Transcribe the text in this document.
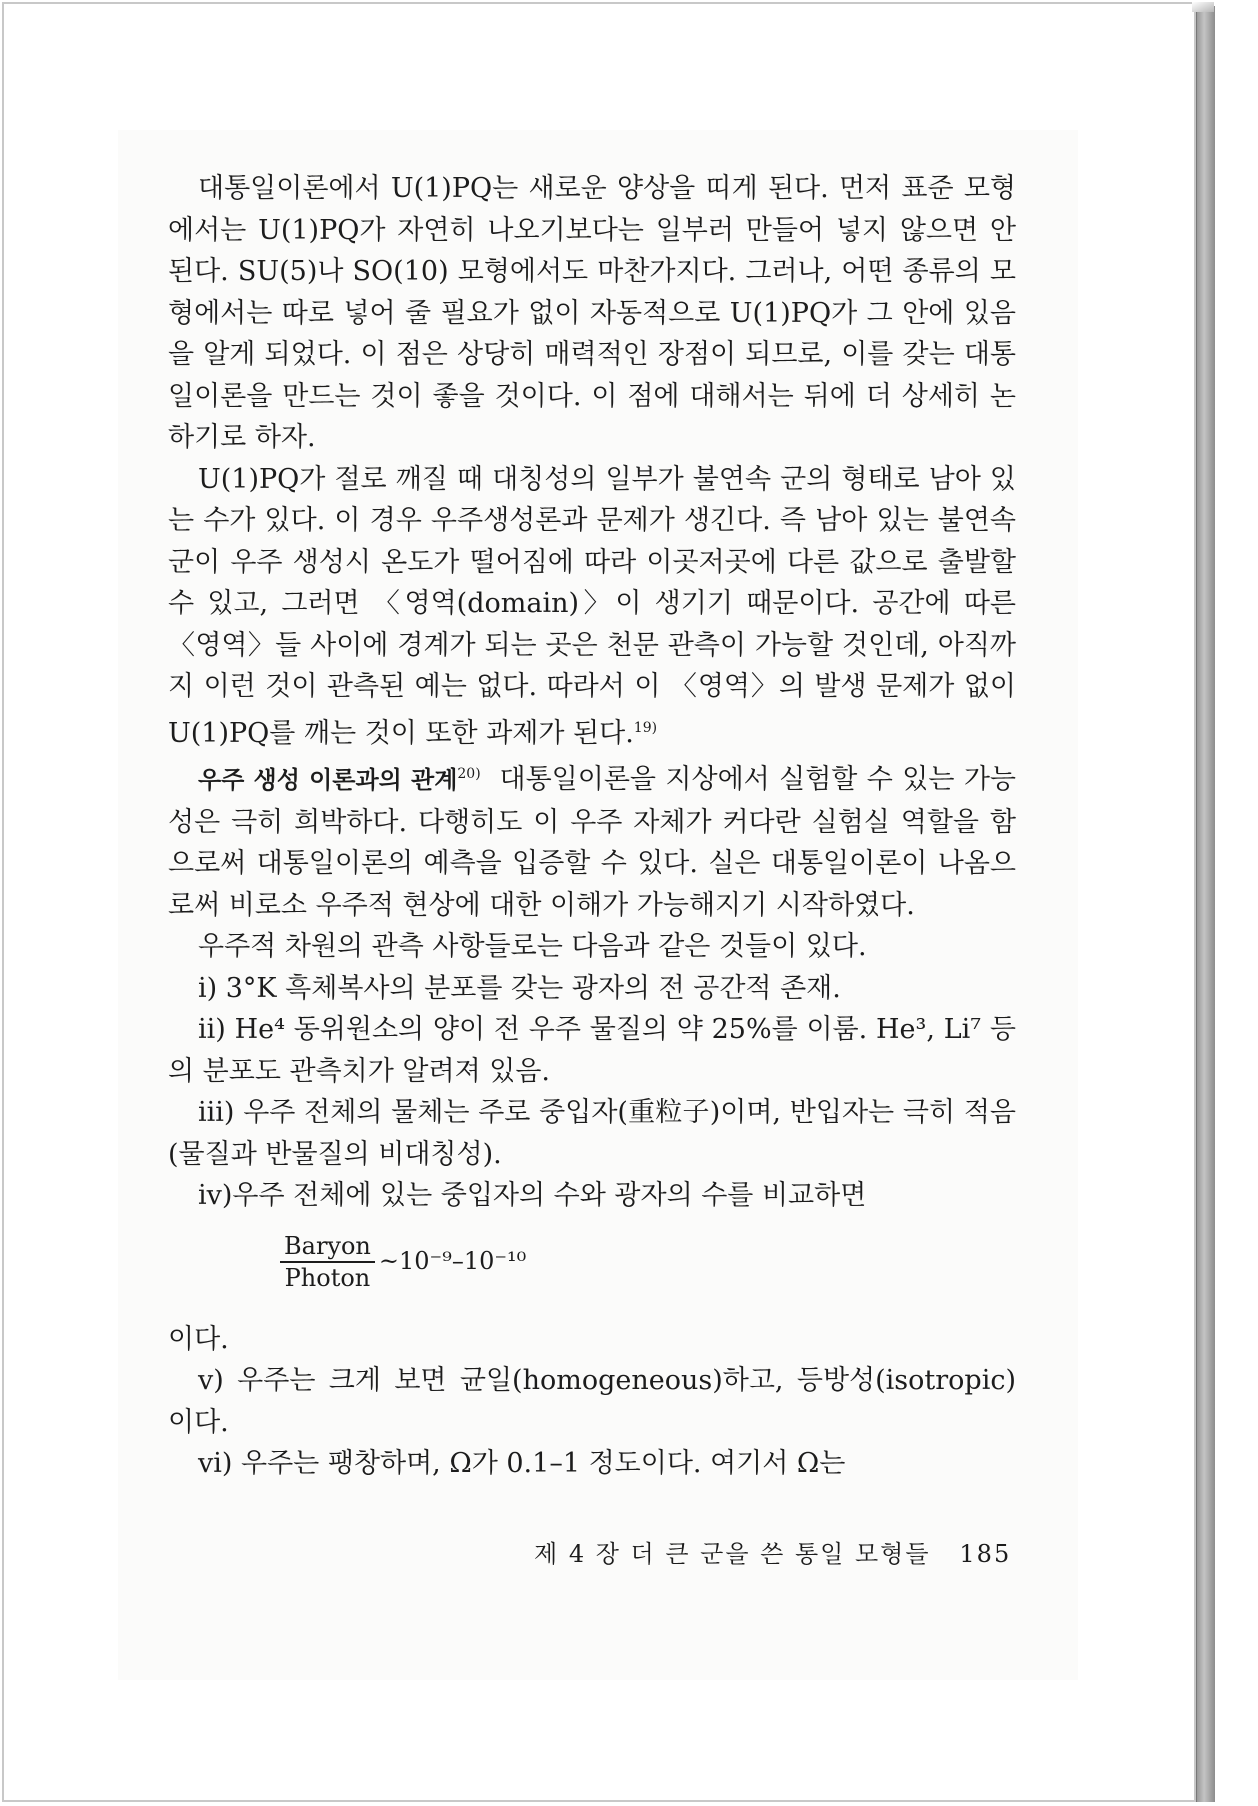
대통일이론에서 U(1)PQ는 새로운 양상을 띠게 된다. 먼저 표준 모형에서는 U(1)PQ가 자연히 나오기보다는 일부러 만들어 넣지 않으면 안 된다. SU(5)나 SO(10) 모형에서도 마찬가지다. 그러나, 어떤 종류의 모형에서는 따로 넣어 줄 필요가 없이 자동적으로 U(1)PQ가 그 안에 있음을 알게 되었다. 이 점은 상당히 매력적인 장점이 되므로, 이를 갖는 대통일이론을 만드는 것이 좋을 것이다. 이 점에 대해서는 뒤에 더 상세히 논하기로 하자.

U(1)PQ가 절로 깨질 때 대칭성의 일부가 불연속 군의 형태로 남아 있는 수가 있다. 이 경우 우주생성론과 문제가 생긴다. 즉 남아 있는 불연속 군이 우주 생성시 온도가 떨어짐에 따라 이곳저곳에 다른 값으로 출발할 수 있고, 그러면 〈영역(domain)〉이 생기기 때문이다. 공간에 따른 〈영역〉들 사이에 경계가 되는 곳은 천문 관측이 가능할 것인데, 아직까지 이런 것이 관측된 예는 없다. 따라서 이 〈영역〉의 발생 문제가 없이 U(1)PQ를 깨는 것이 또한 과제가 된다.$^{19)}$

우주 생성 이론과의 관계$^{20)}$ 대통일이론을 지상에서 실험할 수 있는 가능성은 극히 희박하다. 다행히도 이 우주 자체가 커다란 실험실 역할을 함으로써 대통일이론의 예측을 입증할 수 있다. 실은 대통일이론이 나옴으로써 비로소 우주적 현상에 대한 이해가 가능해지기 시작하였다.

우주적 차원의 관측 사항들로는 다음과 같은 것들이 있다.

i) 3°K 흑체복사의 분포를 갖는 광자의 전 공간적 존재.

ii) He⁴ 동위원소의 양이 전 우주 물질의 약 25%를 이룸. He³, Li⁷ 등의 분포도 관측치가 알려져 있음.

iii) 우주 전체의 물체는 주로 중입자(重粒子)이며, 반입자는 극히 적음(물질과 반물질의 비대칭성).

iv)우주 전체에 있는 중입자의 수와 광자의 수를 비교하면

$\frac{\text{Baryon}}{\text{Photon}}$ ~10⁻⁹–10⁻¹⁰

이다.

v) 우주는 크게 보면 균일(homogeneous)하고, 등방성(isotropic)이다.

vi) 우주는 팽창하며, Ω가 0.1–1 정도이다. 여기서 Ω는

제 4 장 더 큰 군을 쓴 통일 모형들 185
